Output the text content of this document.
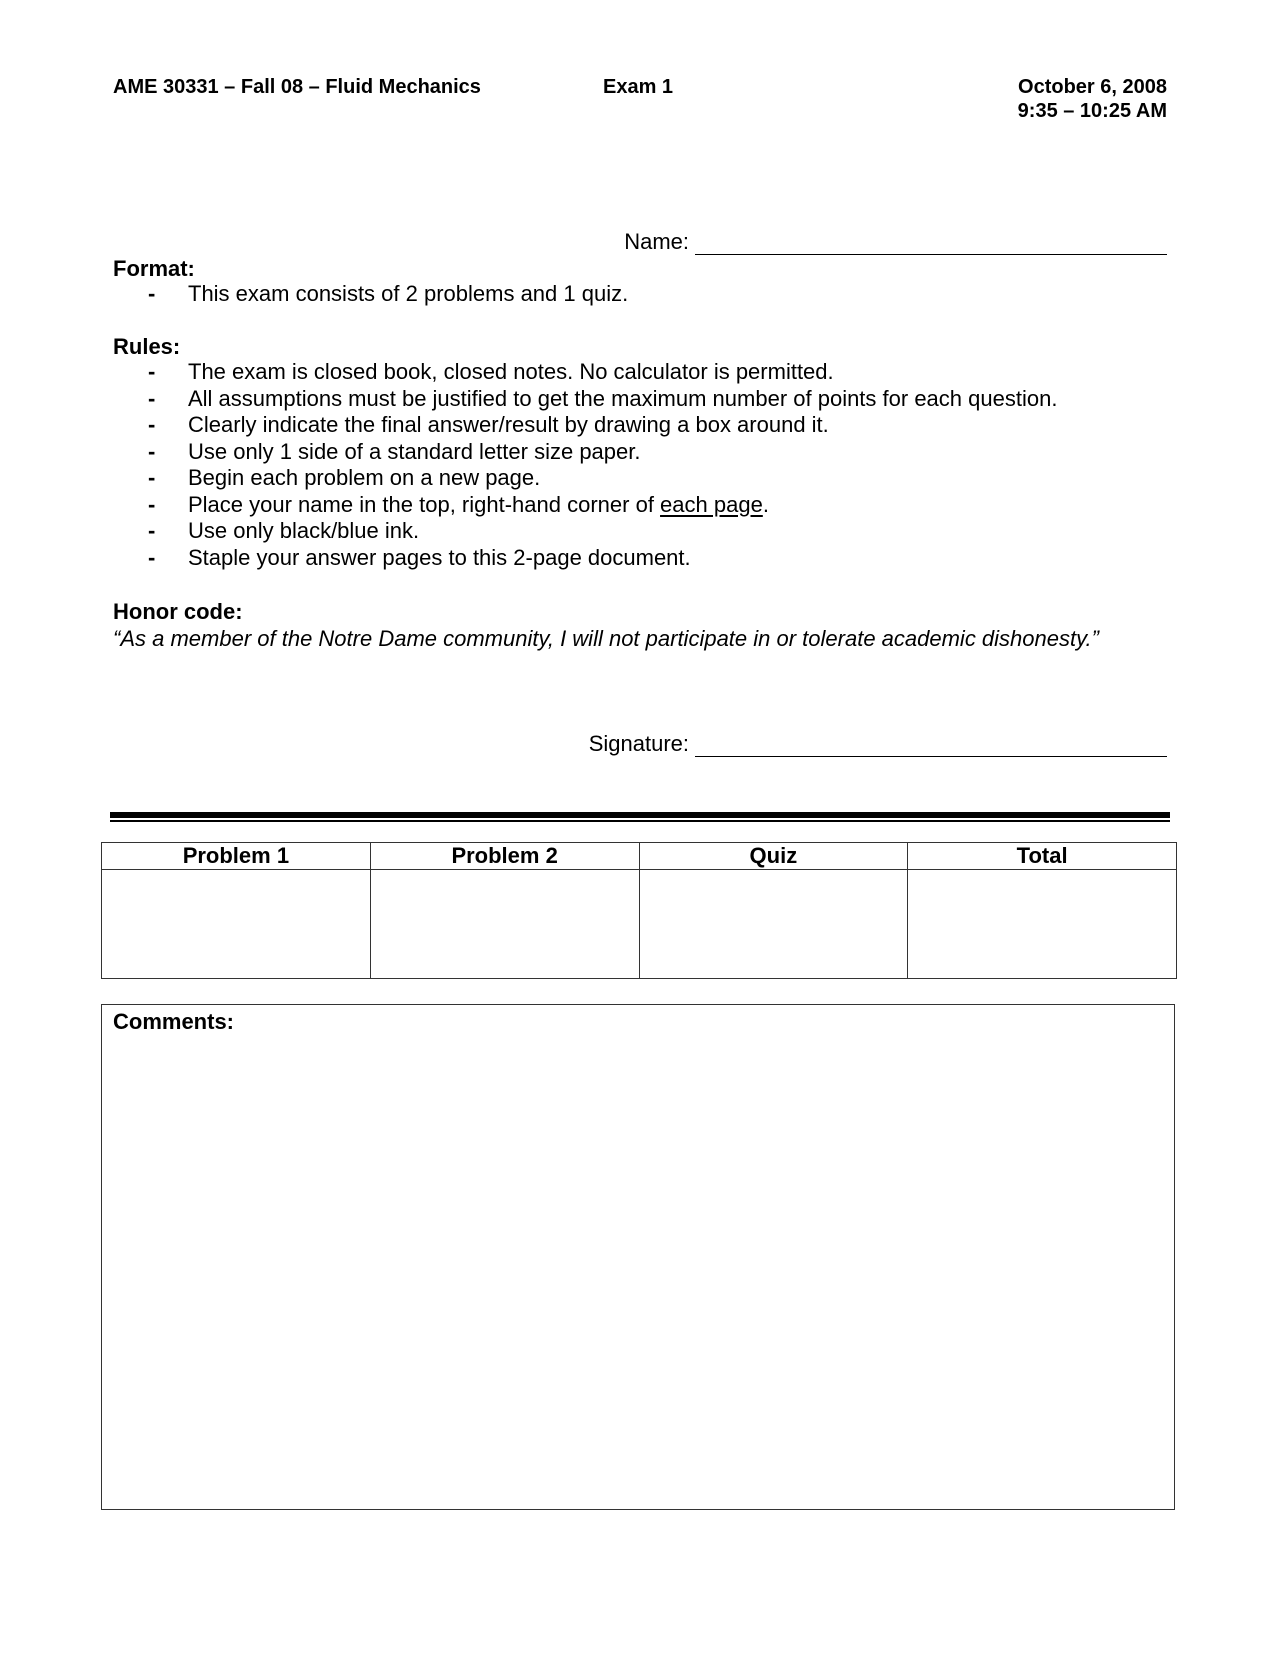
AME 30331 – Fall 08 – Fluid Mechanics	Exam 1	October 6, 2008
9:35 – 10:25 AM
Name:
Format:
-	This exam consists of 2 problems and 1 quiz.
Rules:
-	The exam is closed book, closed notes. No calculator is permitted.
-	All assumptions must be justified to get the maximum number of points for each question.
-	Clearly indicate the final answer/result by drawing a box around it.
-	Use only 1 side of a standard letter size paper.
-	Begin each problem on a new page.
-	Place your name in the top, right-hand corner of each page.
-	Use only black/blue ink.
-	Staple your answer pages to this 2-page document.
Honor code:
“As a member of the Notre Dame community, I will not participate in or tolerate academic dishonesty.”
Signature:
Problem 1	Problem 2	Quiz	Total

Comments:
